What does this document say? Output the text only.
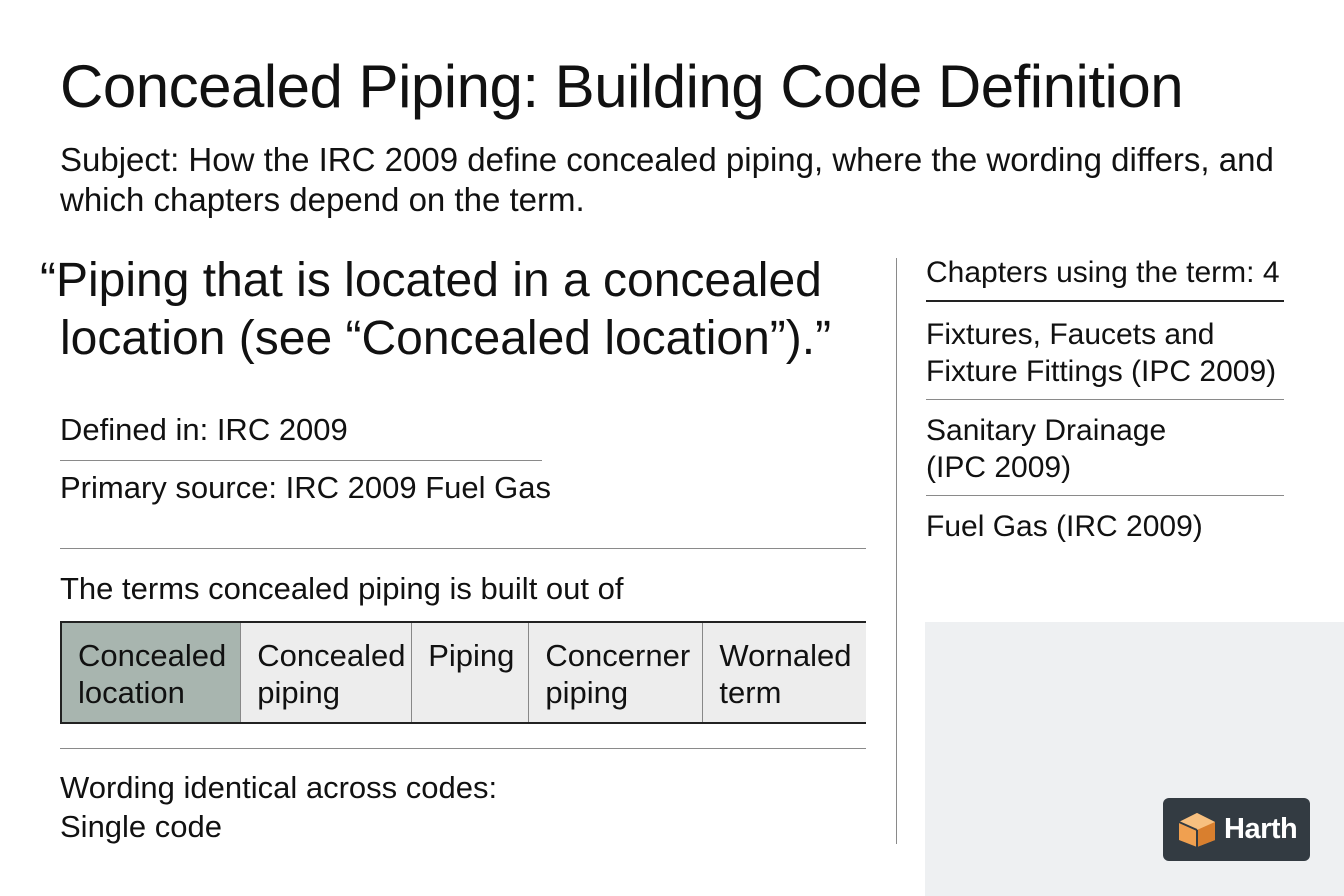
Concealed Piping: Building Code Definition

Subject: How the IRC 2009 define concealed piping, where the wording differs, and which chapters depend on the term.

“Piping that is located in a concealed
location (see “Concealed location”).”
Defined in: IRC 2009
Primary source: IRC 2009 Fuel Gas
The terms concealed piping is built out of
Concealed
location
Concealed
piping
Piping Concerner
piping
Wornaled
term
Wording identical across codes:
Single code
Chapters using the term: 4
Fixtures, Faucets and
Fixture Fittings (IPC 2009)
Sanitary Drainage
(IPC 2009)
Fuel Gas (IRC 2009)
Harth
